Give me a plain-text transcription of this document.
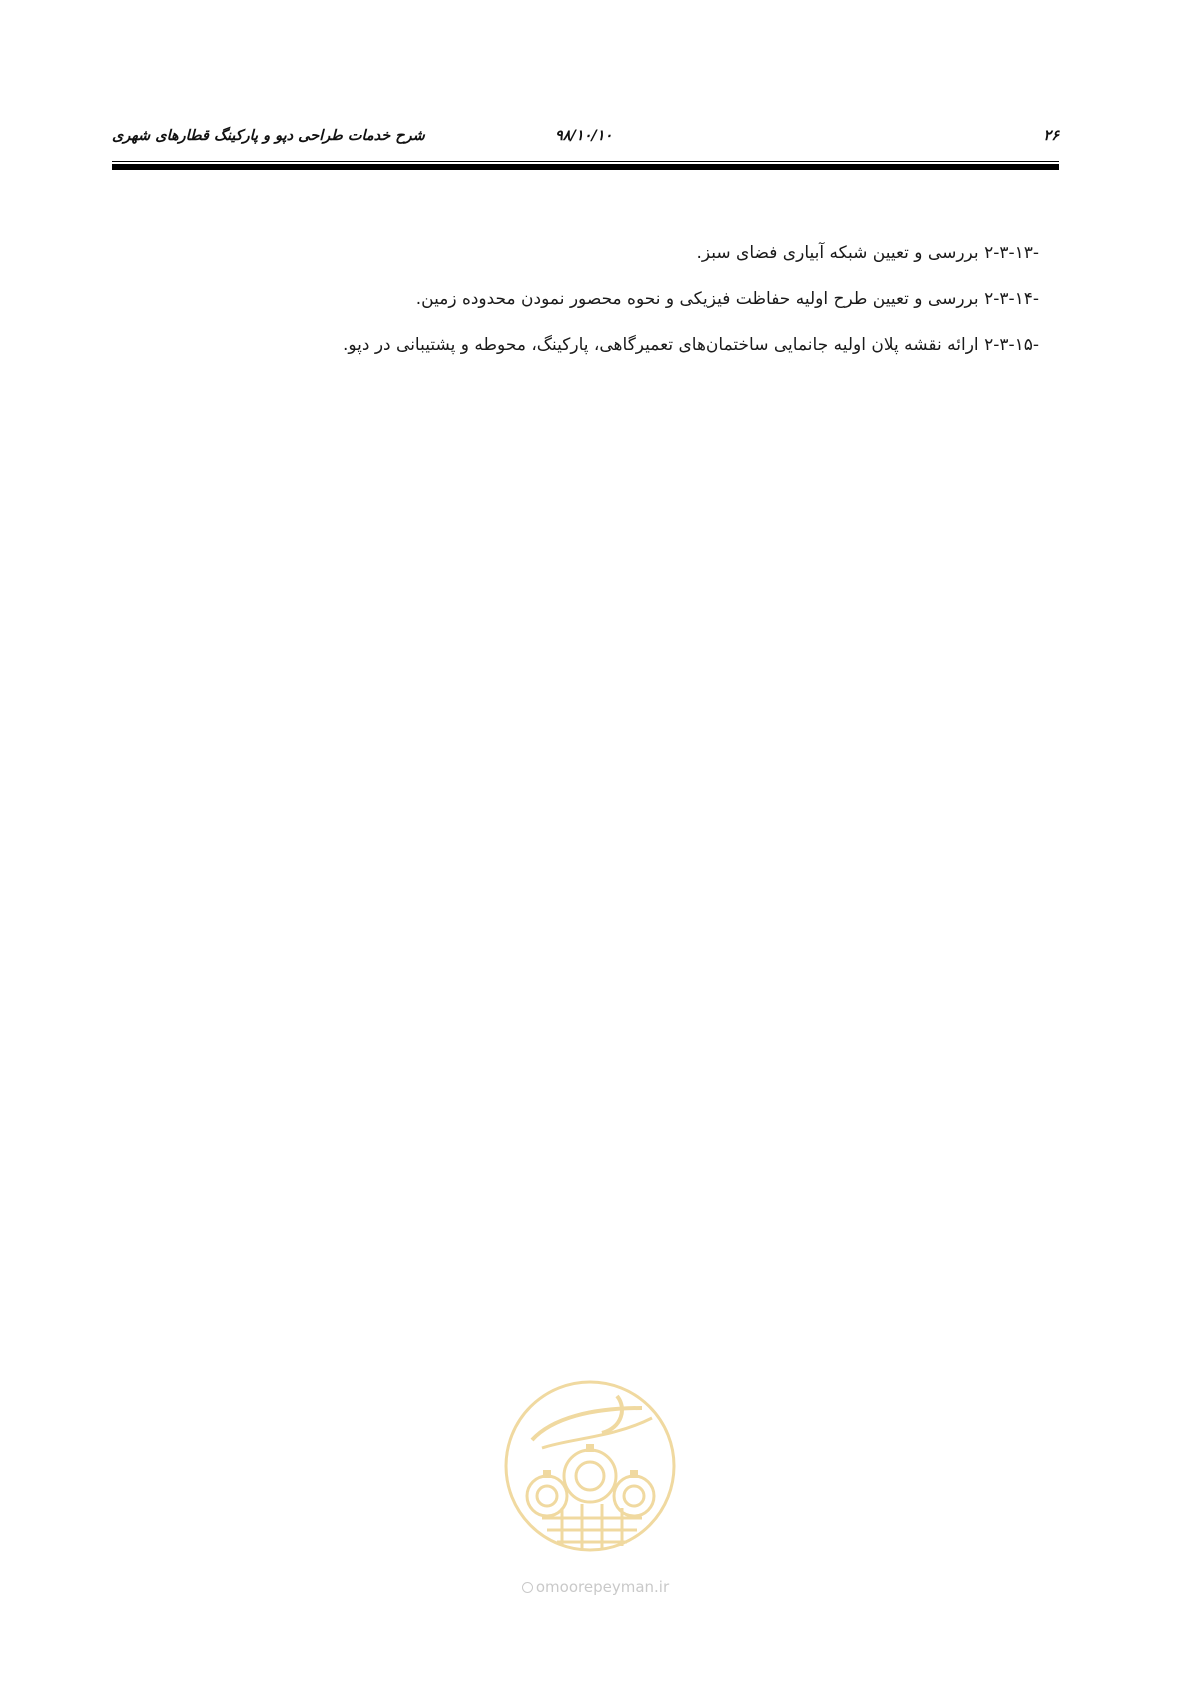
شرح خدمات طراحی دپو و پارکینگ قطارهای شهری	۹۸/۱۰/۱۰	۲۶
۲-۳-۱۳- بررسی و تعیین شبکه آبیاری فضای سبز.
۲-۳-۱۴- بررسی و تعیین طرح اولیه حفاظت فیزیکی و نحوه محصور نمودن محدوده زمین.
۲-۳-۱۵- ارائه نقشه پلان اولیه جانمایی ساختمان‌های تعمیرگاهی، پارکینگ، محوطه و پشتیبانی در دپو.
omoorepeyman.ir
